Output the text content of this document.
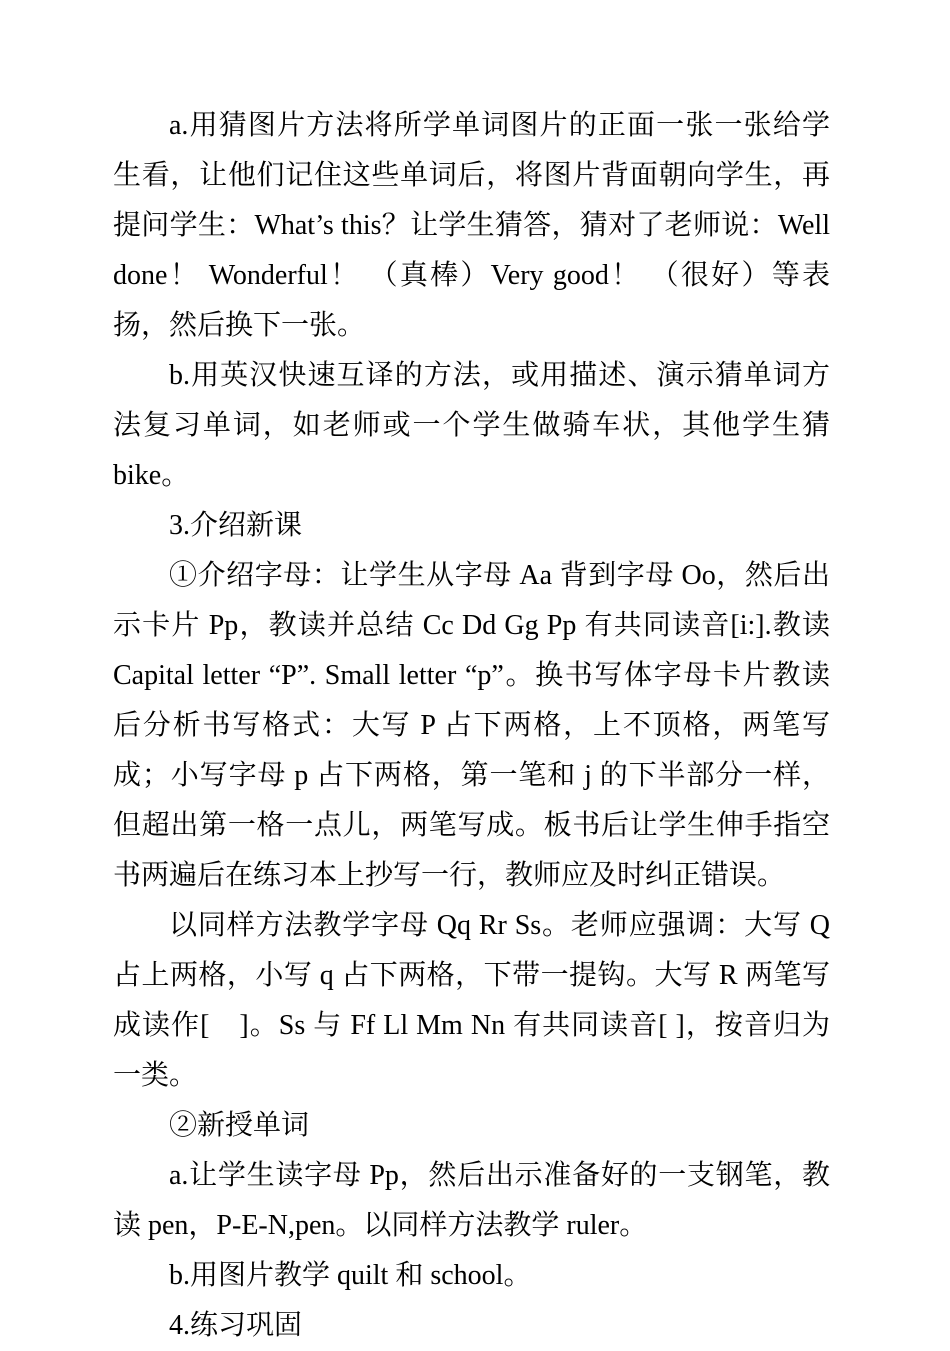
a.用猜图片方法将所学单词图片的正面一张一张给学生看，让他们记住这些单词后，将图片背面朝向学生，再提问学生：What’s this？让学生猜答，猜对了老师说：Well done！ Wonderful！ （真棒）Very good！ （很好）等表扬，然后换下一张。

b.用英汉快速互译的方法，或用描述、演示猜单词方法复习单词，如老师或一个学生做骑车状，其他学生猜 bike。

3.介绍新课

①介绍字母：让学生从字母 Aa 背到字母 Oo，然后出示卡片 Pp，教读并总结 Cc Dd Gg Pp 有共同读音[i:].教读 Capital letter “P”. Small letter “p”。换书写体字母卡片教读后分析书写格式：大写 P 占下两格，上不顶格，两笔写成；小写字母 p 占下两格，第一笔和 j 的下半部分一样，但超出第一格一点儿，两笔写成。板书后让学生伸手指空书两遍后在练习本上抄写一行，教师应及时纠正错误。

以同样方法教学字母 Qq Rr Ss。老师应强调：大写 Q 占上两格，小写 q 占下两格，下带一提钩。大写 R 两笔写成读作[　]。Ss 与 Ff Ll Mm Nn 有共同读音[ ]，按音归为一类。

②新授单词

a.让学生读字母 Pp，然后出示准备好的一支钢笔，教读 pen，P-E-N,pen。以同样方法教学 ruler。

b.用图片教学 quilt 和 school。

4.练习巩固
